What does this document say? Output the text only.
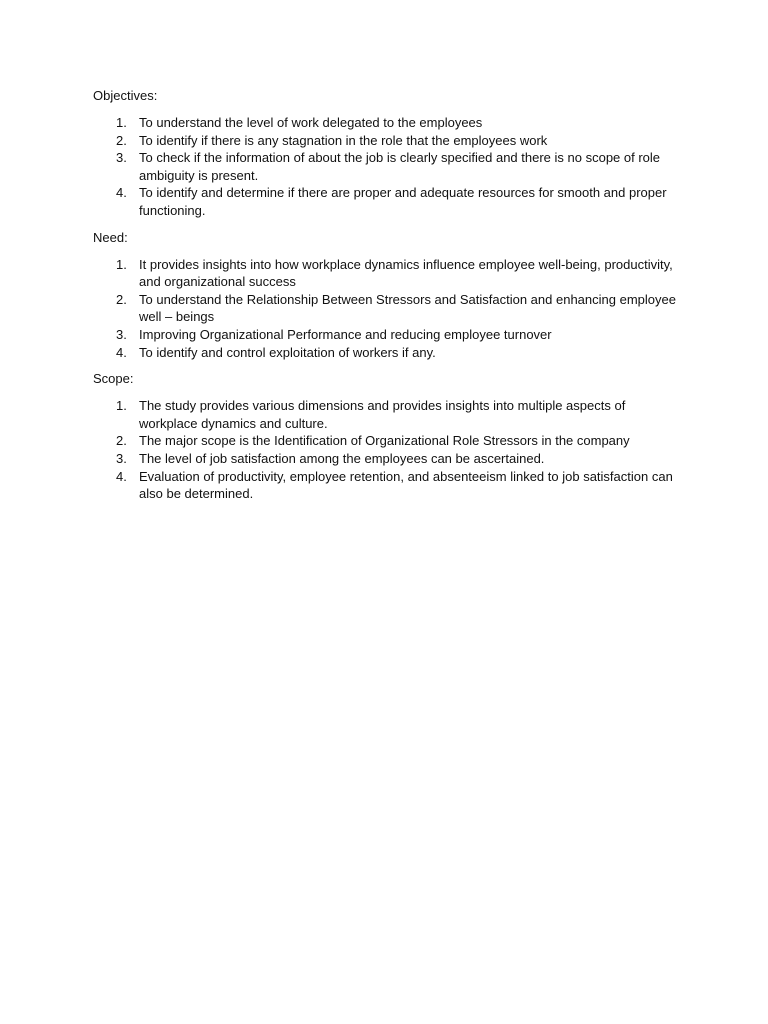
Objectives:

1. To understand the level of work delegated to the employees
2. To identify if there is any stagnation in the role that the employees work
3. To check if the information of about the job is clearly specified and there is no scope of role ambiguity is present.
4. To identify and determine if there are proper and adequate resources for smooth and proper functioning.

Need:

1. It provides insights into how workplace dynamics influence employee well-being, productivity, and organizational success
2. To understand the Relationship Between Stressors and Satisfaction and enhancing employee well – beings
3. Improving Organizational Performance and reducing employee turnover
4. To identify and control exploitation of workers if any.

Scope:

1. The study provides various dimensions and provides insights into multiple aspects of workplace dynamics and culture.
2. The major scope is the Identification of Organizational Role Stressors in the company
3. The level of job satisfaction among the employees can be ascertained.
4. Evaluation of productivity, employee retention, and absenteeism linked to job satisfaction can also be determined.
